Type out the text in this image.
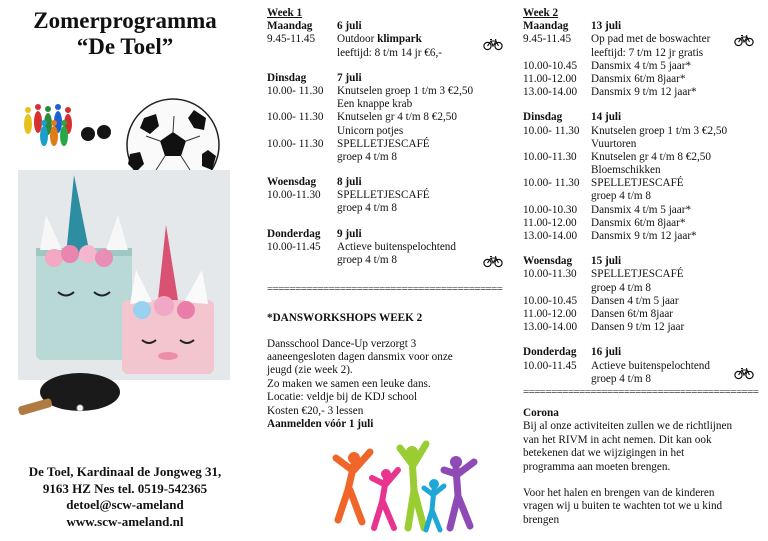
Zomerprogramma
“De Toel”
De Toel, Kardinaal de Jongweg 31,
9163 HZ Nes tel. 0519-542365
detoel@scw-ameland
www.scw-ameland.nl
Week 1
Maandag 6 juli
9.45-11.45 Outdoor klimpark
leeftijd: 8 t/m 14 jr €6,-
Dinsdag	7 juli
10.00- 11.30 Knutselen groep 1 t/m 3 €2,50
Een knappe krab
10.00- 11.30 Knutselen gr 4 t/m 8 €2,50
Unicorn potjes
10.00- 11.30 SPELLETJESCAFÉ
groep 4 t/m 8
Woensdag 8 juli
10.00-11.30 SPELLETJESCAFÉ
groep 4 t/m 8
Donderdag 9 juli
10.00-11.45 Actieve buitenspelochtend
groep 4 t/m 8
==========================================
*DANSWORKSHOPS WEEK 2
Dansschool Dance-Up verzorgt 3
aaneengesloten dagen dansmix voor onze
jeugd (zie week 2).
Zo maken we samen een leuke dans.
Locatie: veldje bij de KDJ school
Kosten €20,- 3 lessen
Aanmelden vóór 1 juli
Week 2
Maandag 13 juli
9.45-11.45 Op pad met de boswachter
leeftijd: 7 t/m 12 jr gratis
10.00-10.45 Dansmix 4 t/m 5 jaar*
11.00-12.00 Dansmix 6t/m 8jaar*
13.00-14.00 Dansmix 9 t/m 12 jaar*
Dinsdag	14 juli
10.00- 11.30 Knutselen groep 1 t/m 3 €2,50
Vuurtoren
10.00-11.30 Knutselen gr 4 t/m 8 €2,50
Bloemschikken
10.00- 11.30 SPELLETJESCAFÉ
groep 4 t/m 8
10.00-10.30 Dansmix 4 t/m 5 jaar*
11.00-12.00 Dansmix 6t/m 8jaar*
13.00-14.00 Dansmix 9 t/m 12 jaar*
Woensdag 15 juli
10.00-11.30 SPELLETJESCAFÉ
groep 4 t/m 8
10.00-10.45 Dansen 4 t/m 5 jaar
11.00-12.00 Dansen 6t/m 8jaar
13.00-14.00 Dansen 9 t/m 12 jaar
Donderdag 16 juli
10.00-11.45 Actieve buitenspelochtend
groep 4 t/m 8
==========================================
Corona
Bij al onze activiteiten zullen we de richtlijnen
van het RIVM in acht nemen. Dit kan ook
betekenen dat we wijzigingen in het
programma aan moeten brengen.
Voor het halen en brengen van de kinderen
vragen wij u buiten te wachten tot we u kind
brengen
